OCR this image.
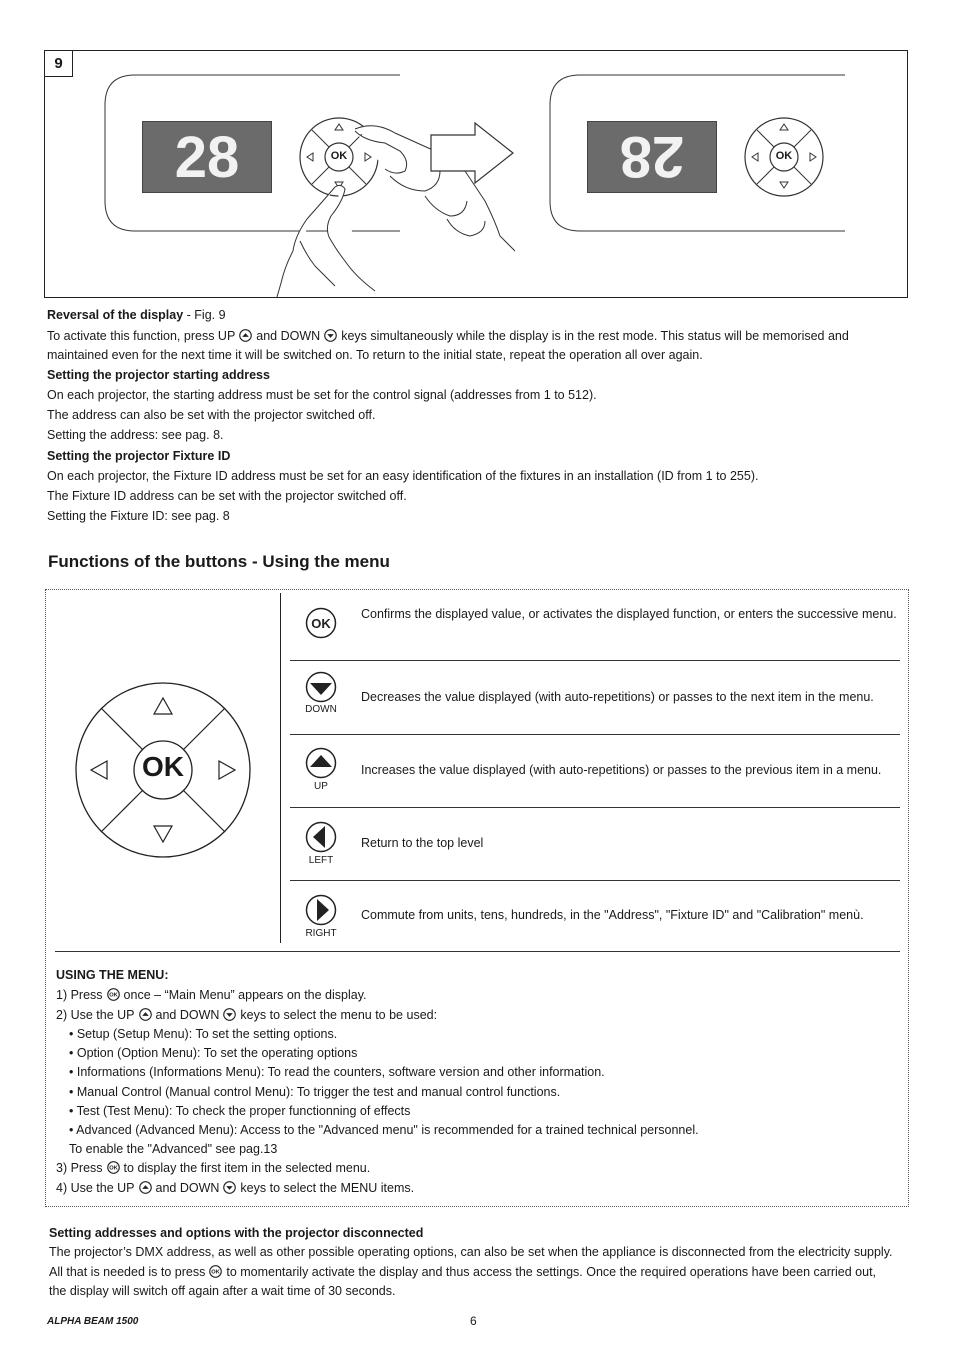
9
28	28
OK	OK
Reversal of the display - Fig. 9
To activate this function, press UP and DOWN keys simultaneously while the display is in the rest mode. This status will be memorised and
maintained even for the next time it will be switched on. To return to the initial state, repeat the operation all over again.
Setting the projector starting address
On each projector, the starting address must be set for the control signal (addresses from 1 to 512).
The address can also be set with the projector switched off.
Setting the address: see pag. 8.
Setting the projector Fixture ID
On each projector, the Fixture ID address must be set for an easy identification of the fixtures in an installation (ID from 1 to 255).
The Fixture ID address can be set with the projector switched off.
Setting the Fixture ID: see pag. 8
Functions of the buttons - Using the menu
OK
OK
Confirms the displayed value, or activates the displayed function, or enters the successive menu.
DOWN
Decreases the value displayed (with auto-repetitions) or passes to the next item in the menu.
UP
Increases the value displayed (with auto-repetitions) or passes to the previous item in a menu.
LEFT
Return to the top level
RIGHT
Commute from units, tens, hundreds, in the "Address", "Fixture ID" and "Calibration" menù.
USING THE MENU:
1) Press once – “Main Menu” appears on the display.
2) Use the UP and DOWN keys to select the menu to be used:
• Setup (Setup Menu): To set the setting options.
• Option (Option Menu): To set the operating options
• Informations (Informations Menu): To read the counters, software version and other information.
• Manual Control (Manual control Menu): To trigger the test and manual control functions.
• Test (Test Menu): To check the proper functionning of effects
• Advanced (Advanced Menu): Access to the "Advanced menu" is recommended for a trained technical personnel.
To enable the "Advanced" see pag.13
3) Press to display the first item in the selected menu.
4) Use the UP and DOWN keys to select the MENU items.
Setting addresses and options with the projector disconnected
The projector’s DMX address, as well as other possible operating options, can also be set when the appliance is disconnected from the electricity supply.
All that is needed is to press to momentarily activate the display and thus access the settings. Once the required operations have been carried out,
the display will switch off again after a wait time of 30 seconds.
ALPHA BEAM 1500	6
